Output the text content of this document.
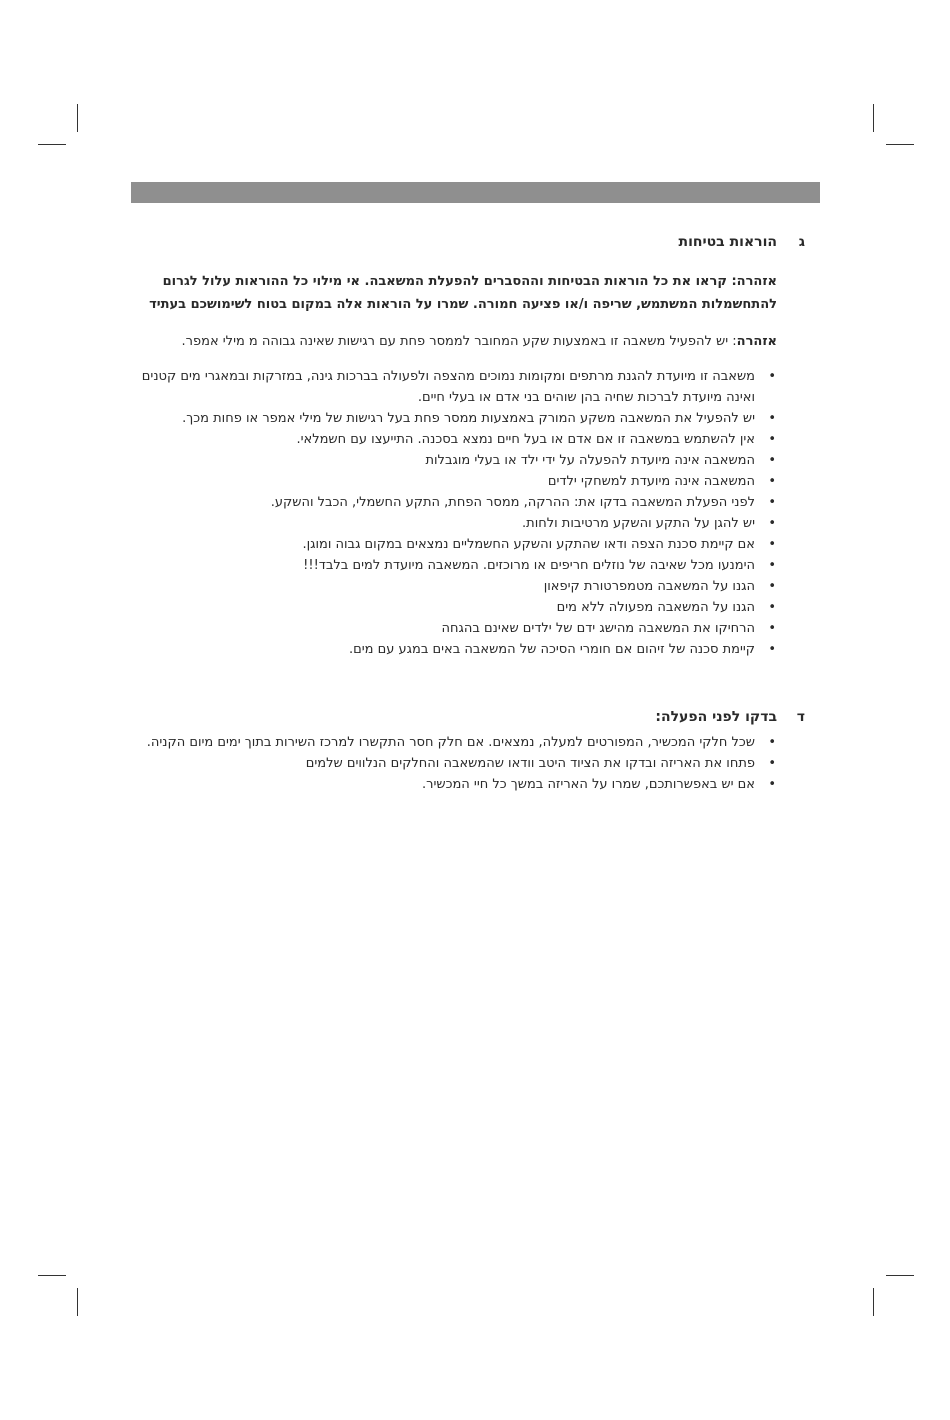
ג
הוראות בטיחות
אזהרה: קראו את כל הוראות הבטיחות וההסברים להפעלת המשאבה. אי מילוי כל ההוראות עלול לגרום להתחשמלות המשתמש, שריפה ו/או פציעה חמורה. שמרו על הוראות אלה במקום בטוח לשימושכם בעתיד
אזהרה: יש להפעיל משאבה זו באמצעות שקע המחובר לממסר פחת עם רגישות שאינה גבוהה מ מילי אמפר.
• משאבה זו מיועדת להגנת מרתפים ומקומות נמוכים מהצפה ולפעולה בברכות גינה, במזרקות ובמאגרי מים קטנים ואינה מיועדת לברכות שחיה בהן שוהים בני אדם או בעלי חיים.
• יש להפעיל את המשאבה משקע המורק באמצעות ממסר פחת בעל רגישות של מילי אמפר או פחות מכך.
• אין להשתמש במשאבה זו אם אדם או בעל חיים נמצא בסכנה. התייעצו עם חשמלאי.
• המשאבה אינה מיועדת להפעלה על ידי ילד או בעלי מוגבלות
• המשאבה אינה מיועדת למשחקי ילדים
• לפני הפעלת המשאבה בדקו את: ההרקה, ממסר הפחת, התקע החשמלי, הכבל והשקע.
• יש להגן על התקע והשקע מרטיבות ולחות.
• אם קיימת סכנת הצפה ודאו שהתקע והשקע החשמליים נמצאים במקום גבוה ומוגן.
• הימנעו מכל שאיבה של נוזלים חריפים או מרוכזים. המשאבה מיועדת למים בלבד!!!
• הגנו על המשאבה מטמפרטורת קיפאון
• הגנו על המשאבה מפעולה ללא מים
• הרחיקו את המשאבה מהישג ידם של ילדים שאינם בהגחה
• קיימת סכנה של זיהום אם חומרי הסיכה של המשאבה באים במגע עם מים.
ד
בדקו לפני הפעלה:
• שכל חלקי המכשיר, המפורטים למעלה, נמצאים. אם חלק חסר התקשרו למרכז השירות בתוך ימים מיום הקניה.
• פתחו את האריזה ובדקו את הציוד היטב וודאו שהמשאבה והחלקים הנלווים שלמים
• אם יש באפשרותכם, שמרו על האריזה במשך כל חיי המכשיר.
